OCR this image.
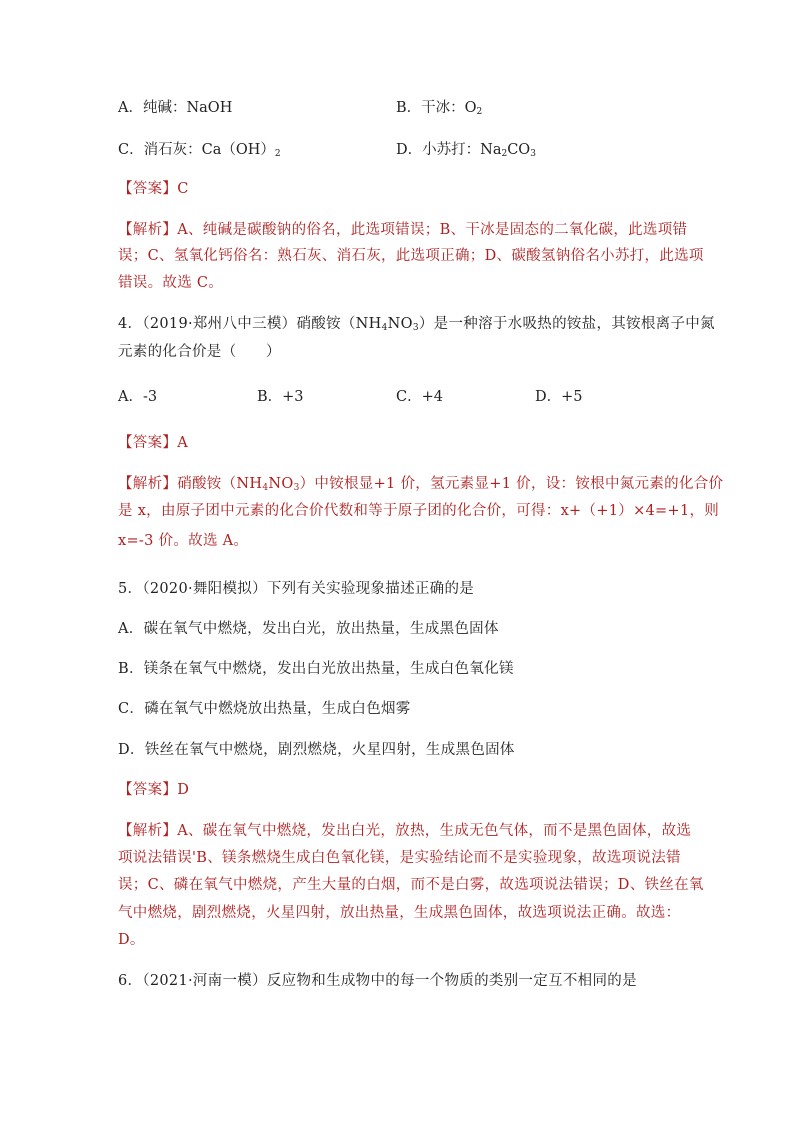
A．纯碱：NaOH	B．干冰：$O_2$
C．消石灰：$Ca(OH)_2$	D．小苏打：$Na_2CO_3$
【答案】C
【解析】A、纯碱是碳酸钠的俗名，此选项错误；B、干冰是固态的二氧化碳，此选项错
误；C、氢氧化钙俗名：熟石灰、消石灰，此选项正确；D、碳酸氢钠俗名小苏打，此选项
错误。故选 C。
4．（2019·郑州八中三模）硝酸铵$(NH_4NO_3)$是一种溶于水吸热的铵盐，其铵根离子中氮
元素的化合价是（　　）
A．-3	B．+3	C．+4	D．+5
【答案】A
【解析】硝酸铵$(NH_4NO_3)$中铵根显+1 价，氢元素显+1 价，设：铵根中氮元素的化合价
是 x，由原子团中元素的化合价代数和等于原子团的化合价，可得：x+（+1）×4=+1，则
x=-3 价。故选 A。
5．（2020·舞阳模拟）下列有关实验现象描述正确的是
A．碳在氧气中燃烧，发出白光，放出热量，生成黑色固体
B．镁条在氧气中燃烧，发出白光放出热量，生成白色氧化镁
C．磷在氧气中燃烧放出热量，生成白色烟雾
D．铁丝在氧气中燃烧，剧烈燃烧，火星四射，生成黑色固体
【答案】D
【解析】A、碳在氧气中燃烧，发出白光，放热，生成无色气体，而不是黑色固体，故选
项说法错误'B、镁条燃烧生成白色氧化镁，是实验结论而不是实验现象，故选项说法错
误；C、磷在氧气中燃烧，产生大量的白烟，而不是白雾，故选项说法错误；D、铁丝在氧
气中燃烧，剧烈燃烧，火星四射，放出热量，生成黑色固体，故选项说法正确。故选：
D。
6．（2021·河南一模）反应物和生成物中的每一个物质的类别一定互不相同的是
